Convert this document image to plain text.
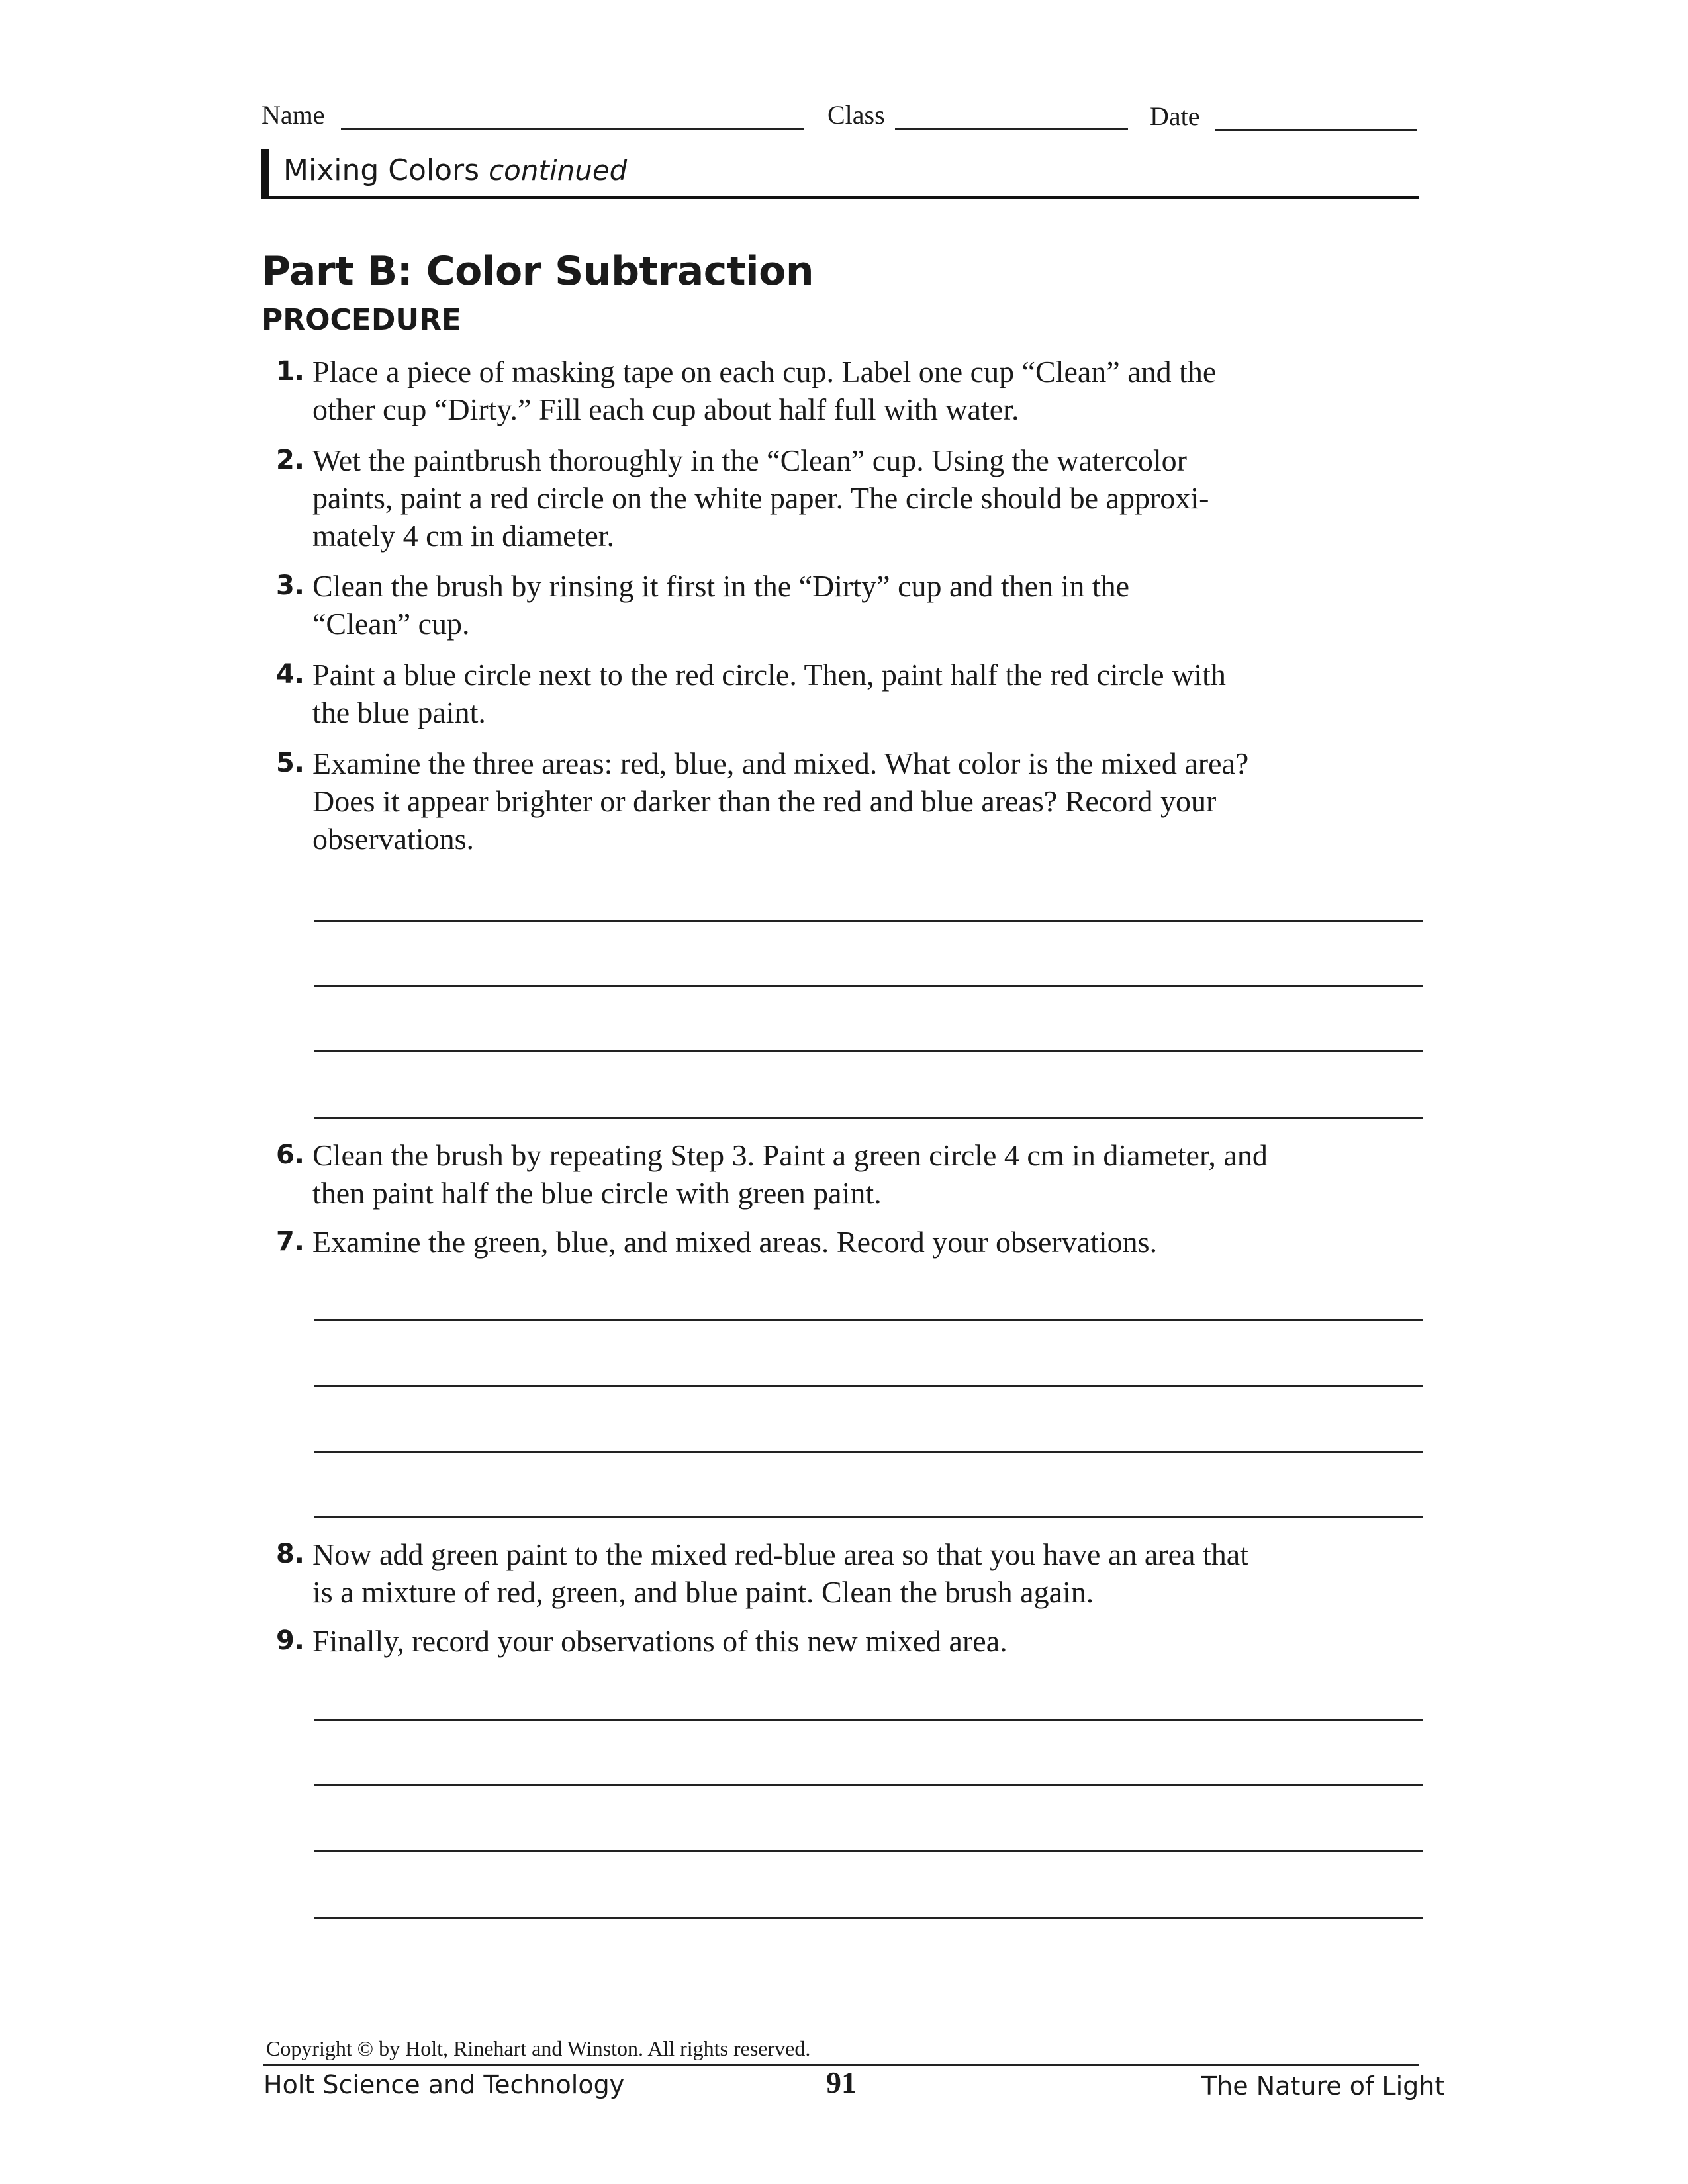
Name	Class	Date
Mixing Colors continued
Part B: Color Subtraction
PROCEDURE
1. Place a piece of masking tape on each cup. Label one cup “Clean” and the
other cup “Dirty.” Fill each cup about half full with water.
2. Wet the paintbrush thoroughly in the “Clean” cup. Using the watercolor
paints, paint a red circle on the white paper. The circle should be approxi-
mately 4 cm in diameter.
3. Clean the brush by rinsing it first in the “Dirty” cup and then in the
“Clean” cup.
4. Paint a blue circle next to the red circle. Then, paint half the red circle with
the blue paint.
5. Examine the three areas: red, blue, and mixed. What color is the mixed area?
Does it appear brighter or darker than the red and blue areas? Record your
observations.
6. Clean the brush by repeating Step 3. Paint a green circle 4 cm in diameter, and
then paint half the blue circle with green paint.
7. Examine the green, blue, and mixed areas. Record your observations.
8. Now add green paint to the mixed red-blue area so that you have an area that
is a mixture of red, green, and blue paint. Clean the brush again.
9. Finally, record your observations of this new mixed area.
Copyright © by Holt, Rinehart and Winston. All rights reserved.
Holt Science and Technology	91	The Nature of Light
